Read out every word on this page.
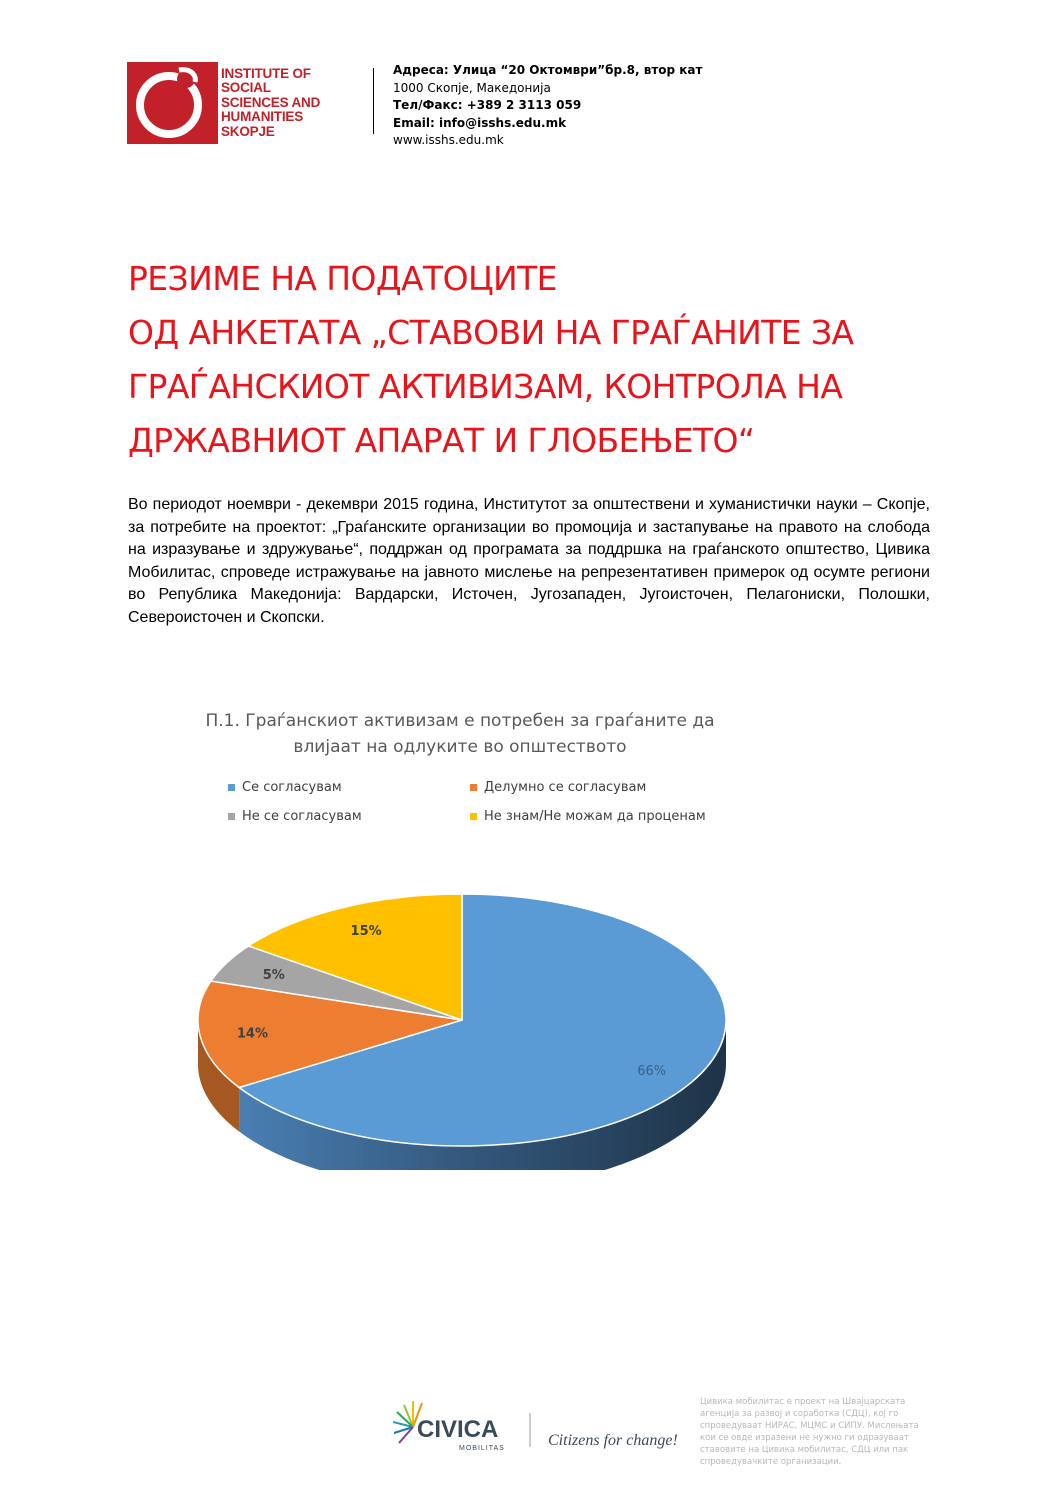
INSTITUTE OF
SOCIAL
SCIENCES AND
HUMANITIES
SKOPJE
Адреса: Улица “20 Октомври”бр.8, втор кат
1000 Скопје, Македонија
Тел/Факс: +389 2 3113 059
Email: info@isshs.edu.mk
www.isshs.edu.mk
РЕЗИМЕ НА ПОДАТОЦИТЕ
ОД АНКЕТАТА „СТАВОВИ НА ГРАЃАНИТЕ ЗА
ГРАЃАНСКИОТ АКТИВИЗАМ, КОНТРОЛА НА
ДРЖАВНИОТ АПАРАТ И ГЛОБЕЊЕТО“
Во периодот ноември - декември 2015 година, Институтот за општествени и хуманистички науки – Скопје, за потребите на проектот: „Граѓанските организации во промоција и застапување на правото на слобода на изразување и здружување“, поддржан од програмата за поддршка на граѓанското општество, Цивика Мобилитас, спроведе истражување на јавното мислење на репрезентативен примерок од осумте региони во Република Македонија: Вардарски, Источен, Југозападен, Југоисточен, Пелагониски, Полошки, Североисточен и Скопски.
П.1. Граѓанскиот активизам е потребен за граѓаните да
влијаат на одлуките во општеството
Се согласувам	Делумно се согласувам
Не се согласувам	Не знам/Не можам да проценам
66%
14%
5%
15%
CIVICA
MOBILITAS	Citizens for change!
Цивика мобилитас е проект на Швајцарската агенција за развој и соработка (СДЦ), кој го спроведуваат НИРAС, МЦМС и СИПУ. Мислењата кои се овде изразени не нужно ги одразуваат ставовите на Цивика мобилитас, СДЦ или пак спроведувачките организации.
